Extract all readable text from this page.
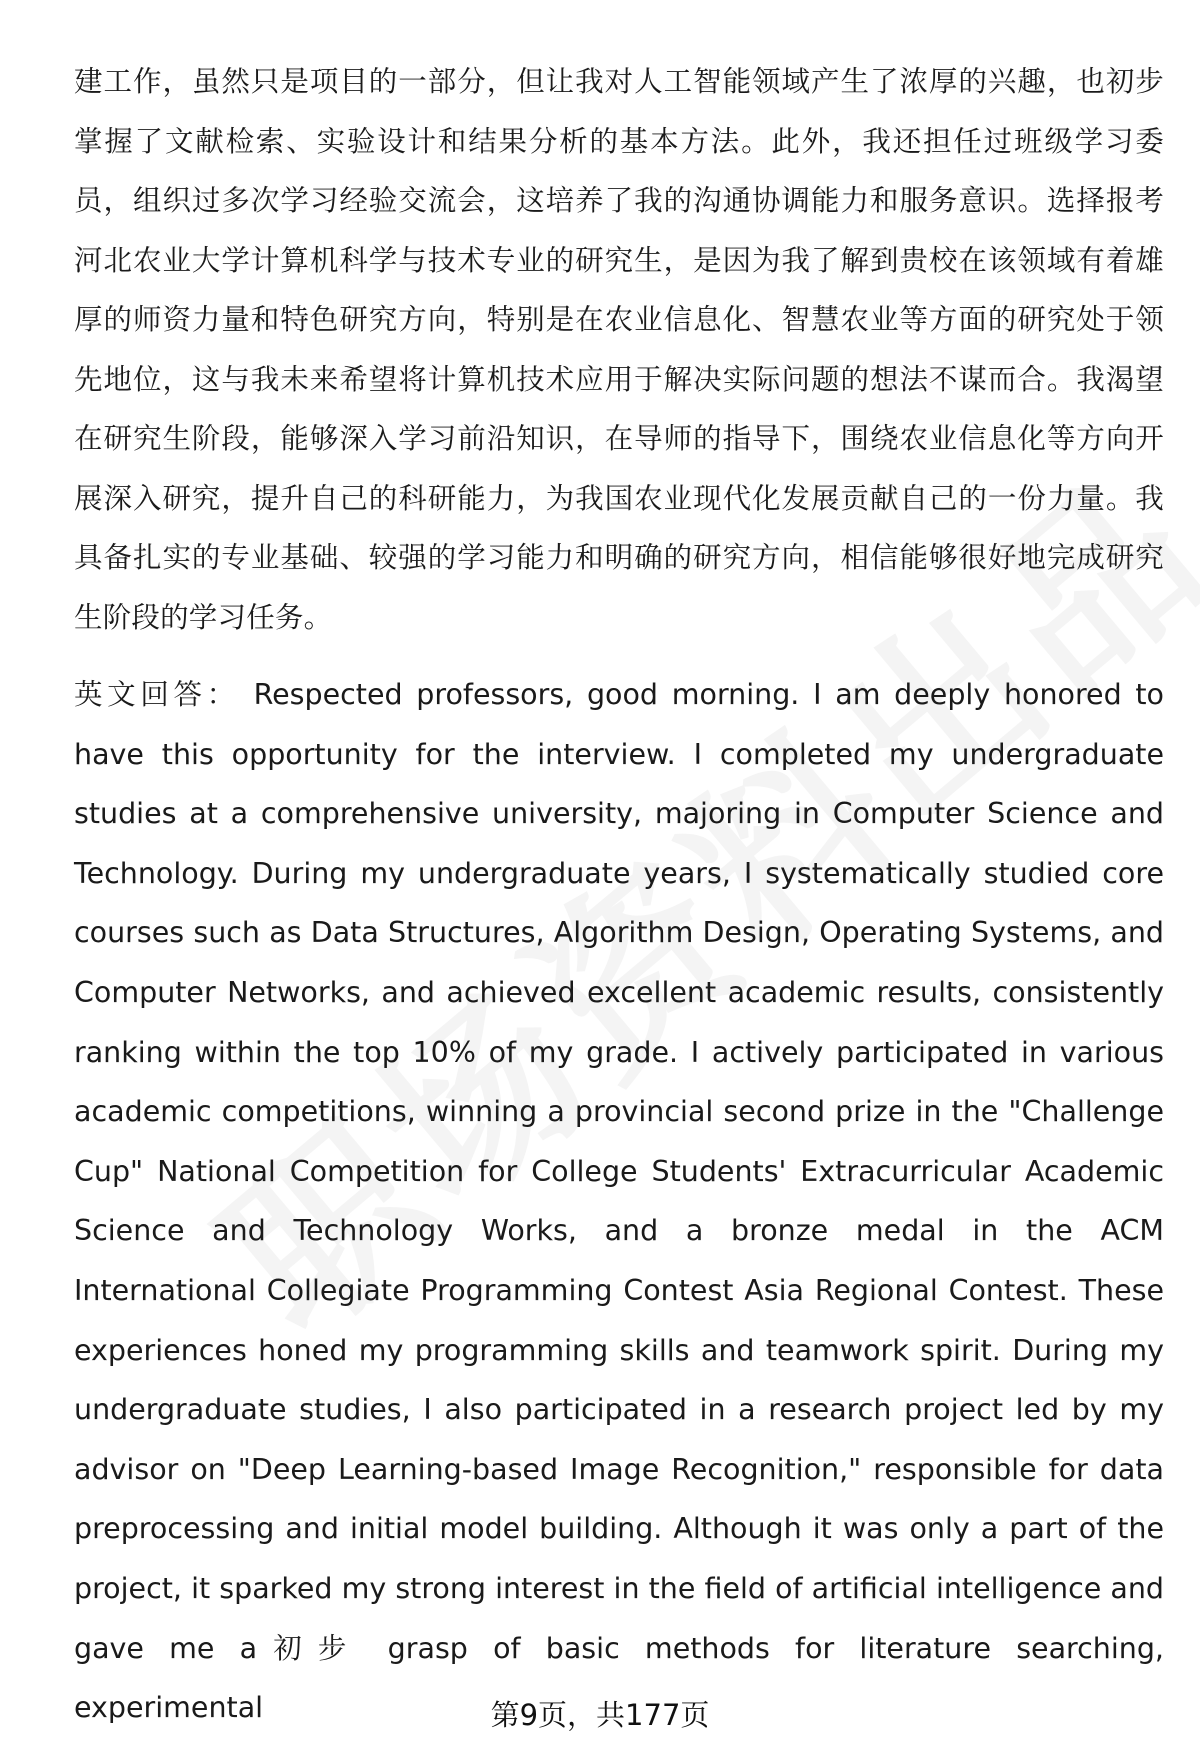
建工作，虽然只是项目的一部分，但让我对人工智能领域产生了浓厚的兴趣，也初步掌握了文献检索、实验设计和结果分析的基本方法。此外，我还担任过班级学习委员，组织过多次学习经验交流会，这培养了我的沟通协调能力和服务意识。选择报考河北农业大学计算机科学与技术专业的研究生，是因为我了解到贵校在该领域有着雄厚的师资力量和特色研究方向，特别是在农业信息化、智慧农业等方面的研究处于领先地位，这与我未来希望将计算机技术应用于解决实际问题的想法不谋而合。我渴望在研究生阶段，能够深入学习前沿知识，在导师的指导下，围绕农业信息化等方向开展深入研究，提升自己的科研能力，为我国农业现代化发展贡献自己的一份力量。我具备扎实的专业基础、较强的学习能力和明确的研究方向，相信能够很好地完成研究生阶段的学习任务。

英文回答： Respected professors, good morning. I am deeply honored to have this opportunity for the interview. I completed my undergraduate studies at a comprehensive university, majoring in Computer Science and Technology. During my undergraduate years, I systematically studied core courses such as Data Structures, Algorithm Design, Operating Systems, and Computer Networks, and achieved excellent academic results, consistently ranking within the top 10% of my grade. I actively participated in various academic competitions, winning a provincial second prize in the "Challenge Cup" National Competition for College Students' Extracurricular Academic Science and Technology Works, and a bronze medal in the ACM International Collegiate Programming Contest Asia Regional Contest. These experiences honed my programming skills and teamwork spirit. During my undergraduate studies, I also participated in a research project led by my advisor on "Deep Learning-based Image Recognition," responsible for data preprocessing and initial model building. Although it was only a part of the project, it sparked my strong interest in the field of artificial intelligence and gave me a初步 grasp of basic methods for literature searching, experimental	第9页，共177页
